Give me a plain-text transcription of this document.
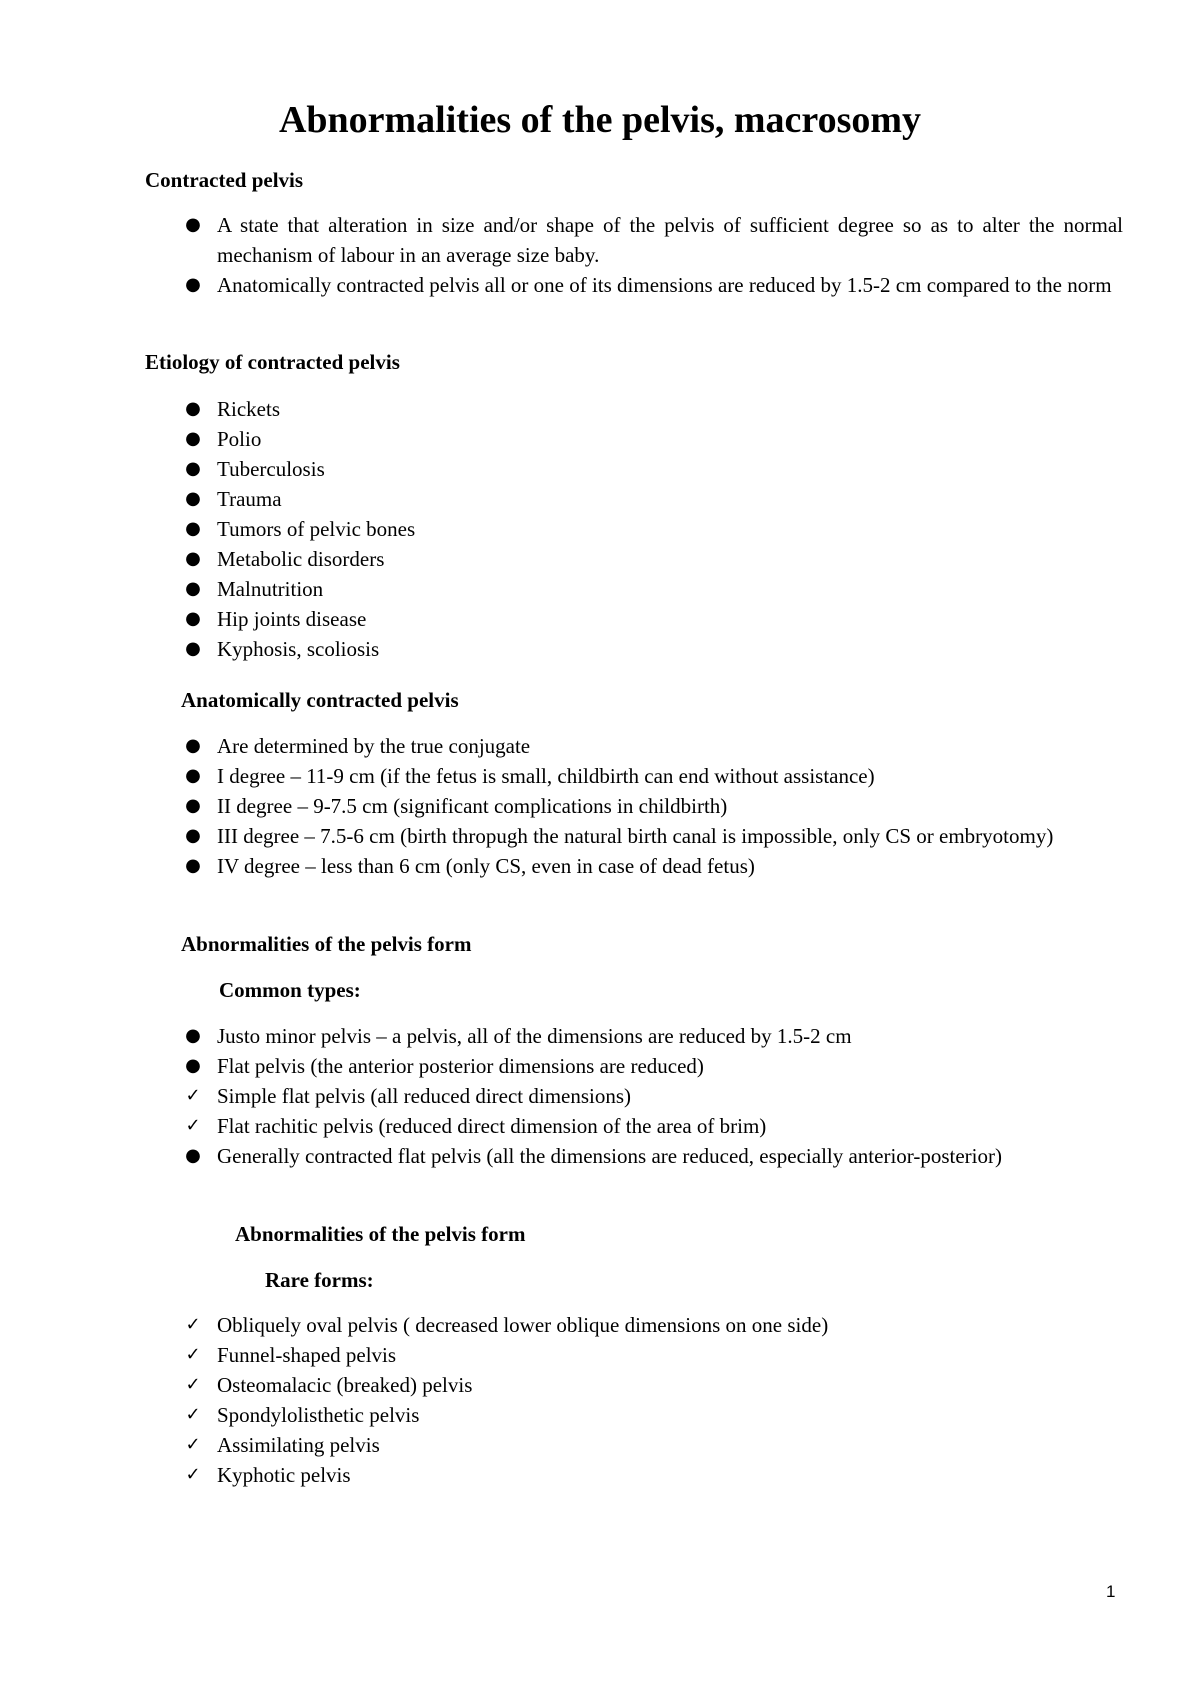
Abnormalities of the pelvis, macrosomy
Contracted pelvis
● A state that alteration in size and/or shape of the pelvis of sufficient degree so as to alter the normal mechanism of labour in an average size baby.
● Anatomically contracted pelvis all or one of its dimensions are reduced by 1.5-2 cm compared to the norm
Etiology of contracted pelvis
● Rickets
● Polio
● Tuberculosis
● Trauma
● Tumors of pelvic bones
● Metabolic disorders
● Malnutrition
● Hip joints disease
● Kyphosis, scoliosis
Anatomically contracted pelvis
● Are determined by the true conjugate
● I degree – 11-9 cm (if the fetus is small, childbirth can end without assistance)
● II degree – 9-7.5 cm (significant complications in childbirth)
● III degree – 7.5-6 cm (birth thropugh the natural birth canal is impossible, only CS or embryotomy)
● IV degree – less than 6 cm (only CS, even in case of dead fetus)
Abnormalities of the pelvis form
Common types:
● Justo minor pelvis – a pelvis, all of the dimensions are reduced by 1.5-2 cm
● Flat pelvis (the anterior posterior dimensions are reduced)
✓ Simple flat pelvis (all reduced direct dimensions)
✓ Flat rachitic pelvis (reduced direct dimension of the area of brim)
● Generally contracted flat pelvis (all the dimensions are reduced, especially anterior-posterior)
Abnormalities of the pelvis form
Rare forms:
✓ Obliquely oval pelvis ( decreased lower oblique dimensions on one side)
✓ Funnel-shaped pelvis
✓ Osteomalacic (breaked) pelvis
✓ Spondylolisthetic pelvis
✓ Assimilating pelvis
✓ Kyphotic pelvis
1
